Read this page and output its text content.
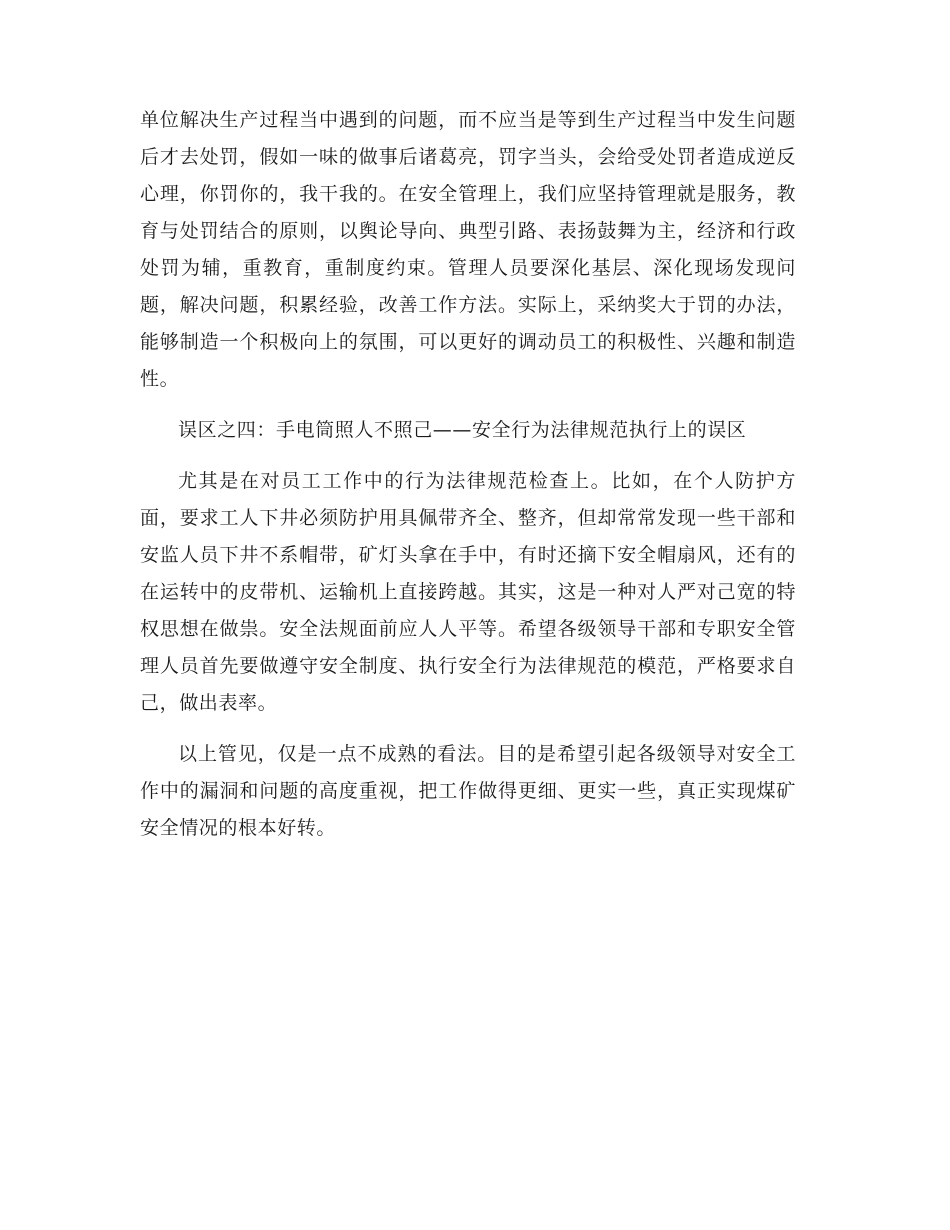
单位解决生产过程当中遇到的问题，而不应当是等到生产过程当中发生问题后才去处罚，假如一味的做事后诸葛亮，罚字当头，会给受处罚者造成逆反心理，你罚你的，我干我的。在安全管理上，我们应坚持管理就是服务，教育与处罚结合的原则，以舆论导向、典型引路、表扬鼓舞为主，经济和行政处罚为辅，重教育，重制度约束。管理人员要深化基层、深化现场发现问题，解决问题，积累经验，改善工作方法。实际上，采纳奖大于罚的办法，能够制造一个积极向上的氛围，可以更好的调动员工的积极性、兴趣和制造性。

误区之四：手电筒照人不照己——安全行为法律规范执行上的误区

尤其是在对员工工作中的行为法律规范检查上。比如，在个人防护方面，要求工人下井必须防护用具佩带齐全、整齐，但却常常发现一些干部和安监人员下井不系帽带，矿灯头拿在手中，有时还摘下安全帽扇风，还有的在运转中的皮带机、运输机上直接跨越。其实，这是一种对人严对己宽的特权思想在做祟。安全法规面前应人人平等。希望各级领导干部和专职安全管理人员首先要做遵守安全制度、执行安全行为法律规范的模范，严格要求自己，做出表率。

以上管见，仅是一点不成熟的看法。目的是希望引起各级领导对安全工作中的漏洞和问题的高度重视，把工作做得更细、更实一些，真正实现煤矿安全情况的根本好转。
